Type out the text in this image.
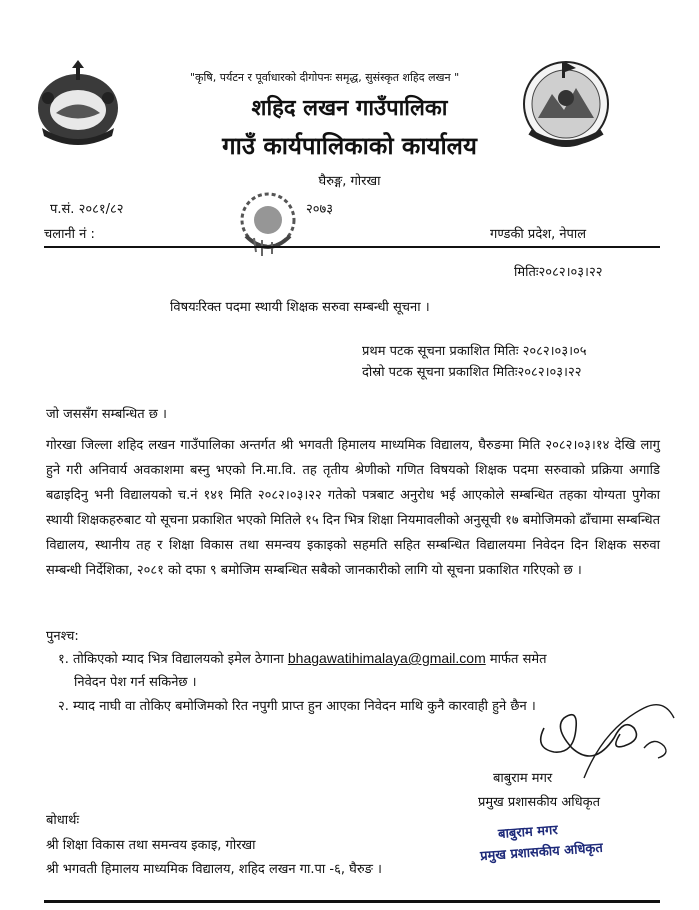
"कृषि, पर्यटन र पूर्वाधारको दीगोपनः समृद्ध, सुसंस्कृत शहिद लखन "
शहिद लखन गाउँपालिका
गाउँ कार्यपालिकाको कार्यालय
घैरुङ्ग, गोरखा
प.सं. २०८१/८२	२०७३
चलानी नं :	गण्डकी प्रदेश, नेपाल
मितिः२०८२।०३।२२
विषयःरिक्त पदमा स्थायी शिक्षक सरुवा सम्बन्धी सूचना ।
प्रथम पटक सूचना प्रकाशित मितिः २०८२।०३।०५
दोस्रो पटक सूचना प्रकाशित मितिः२०८२।०३।२२
जो जससँग सम्बन्धित छ ।
गोरखा जिल्ला शहिद लखन गाउँपालिका अन्तर्गत श्री भगवती हिमालय माध्यमिक विद्यालय, घैरुङमा मिति २०८२।०३।१४ देखि लागु हुने गरी अनिवार्य अवकाशमा बस्नु भएको नि.मा.वि. तह तृतीय श्रेणीको गणित विषयको शिक्षक पदमा सरुवाको प्रक्रिया अगाडि बढाइदिनु भनी विद्यालयको च.नं १४१ मिति २०८२।०३।२२ गतेको पत्रबाट अनुरोध भई आएकोले सम्बन्धित तहका योग्यता पुगेका स्थायी शिक्षकहरुबाट यो सूचना प्रकाशित भएको मितिले १५ दिन भित्र शिक्षा नियमावलीको अनुसूची १७ बमोजिमको ढाँचामा सम्बन्धित विद्यालय, स्थानीय तह र शिक्षा विकास तथा समन्वय इकाइको सहमति सहित सम्बन्धित विद्यालयमा निवेदन दिन शिक्षक सरुवा सम्बन्धी निर्देशिका, २०८१ को दफा ९ बमोजिम सम्बन्धित सबैको जानकारीको लागि यो सूचना प्रकाशित गरिएको छ ।
पुनश्च:
१. तोकिएको म्याद भित्र विद्यालयको इमेल ठेगाना bhagawatihimalaya@gmail.com मार्फत समेत
निवेदन पेश गर्न सकिनेछ ।
२. म्याद नाघी वा तोकिए बमोजिमको रित नपुगी प्राप्त हुन आएका निवेदन माथि कुनै कारवाही हुने छैन ।
बाबुराम मगर
प्रमुख प्रशासकीय अधिकृत
बाबुराम मगर
प्रमुख प्रशासकीय अधिकृत
बोधार्थः
श्री शिक्षा विकास तथा समन्वय इकाइ, गोरखा
श्री भगवती हिमालय माध्यमिक विद्यालय, शहिद लखन गा.पा -६, घैरुङ ।
